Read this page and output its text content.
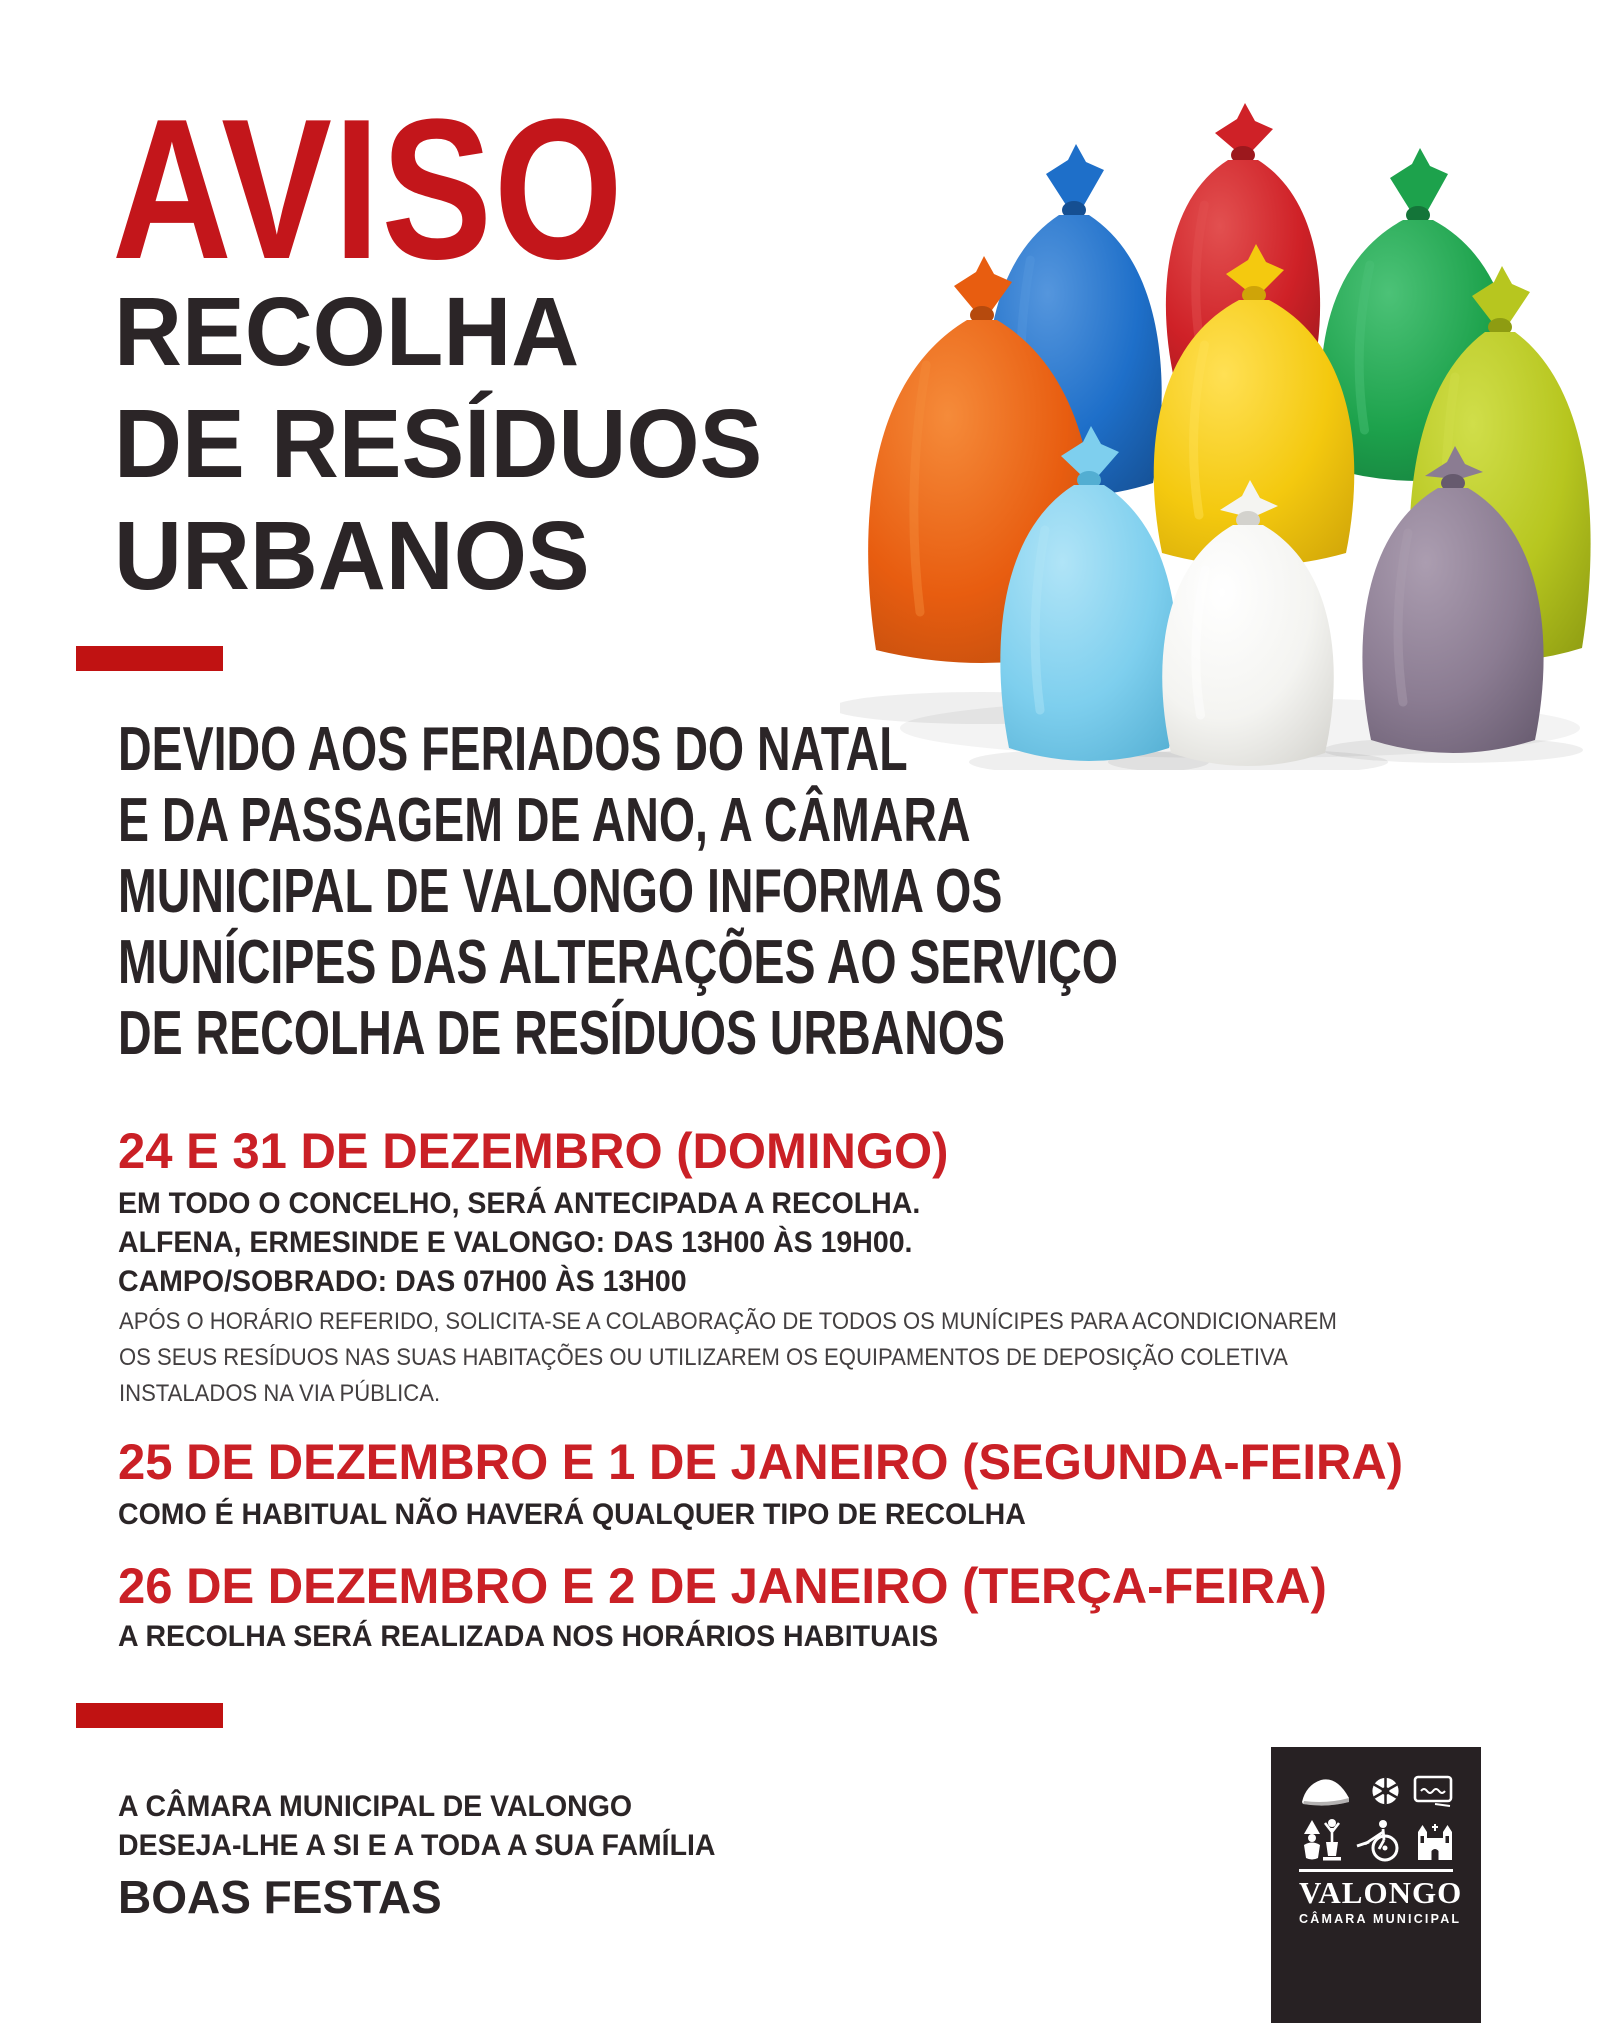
AVISO
RECOLHA
DE RESÍDUOS
URBANOS
DEVIDO AOS FERIADOS DO NATAL
E DA PASSAGEM DE ANO, A CÂMARA
MUNICIPAL DE VALONGO INFORMA OS
MUNÍCIPES DAS ALTERAÇÕES AO SERVIÇO
DE RECOLHA DE RESÍDUOS URBANOS
24 E 31 DE DEZEMBRO (DOMINGO)
EM TODO O CONCELHO, SERÁ ANTECIPADA A RECOLHA.
ALFENA, ERMESINDE E VALONGO: DAS 13H00 ÀS 19H00.
CAMPO/SOBRADO: DAS 07H00 ÀS 13H00
APÓS O HORÁRIO REFERIDO, SOLICITA-SE A COLABORAÇÃO DE TODOS OS MUNÍCIPES PARA ACONDICIONAREM
OS SEUS RESÍDUOS NAS SUAS HABITAÇÕES OU UTILIZAREM OS EQUIPAMENTOS DE DEPOSIÇÃO COLETIVA
INSTALADOS NA VIA PÚBLICA.
25 DE DEZEMBRO E 1 DE JANEIRO (SEGUNDA-FEIRA)
COMO É HABITUAL NÃO HAVERÁ QUALQUER TIPO DE RECOLHA
26 DE DEZEMBRO E 2 DE JANEIRO (TERÇA-FEIRA)
A RECOLHA SERÁ REALIZADA NOS HORÁRIOS HABITUAIS
A CÂMARA MUNICIPAL DE VALONGO
DESEJA-LHE A SI E A TODA A SUA FAMÍLIA
BOAS FESTAS	VALONGO
CÂMARA MUNICIPAL
